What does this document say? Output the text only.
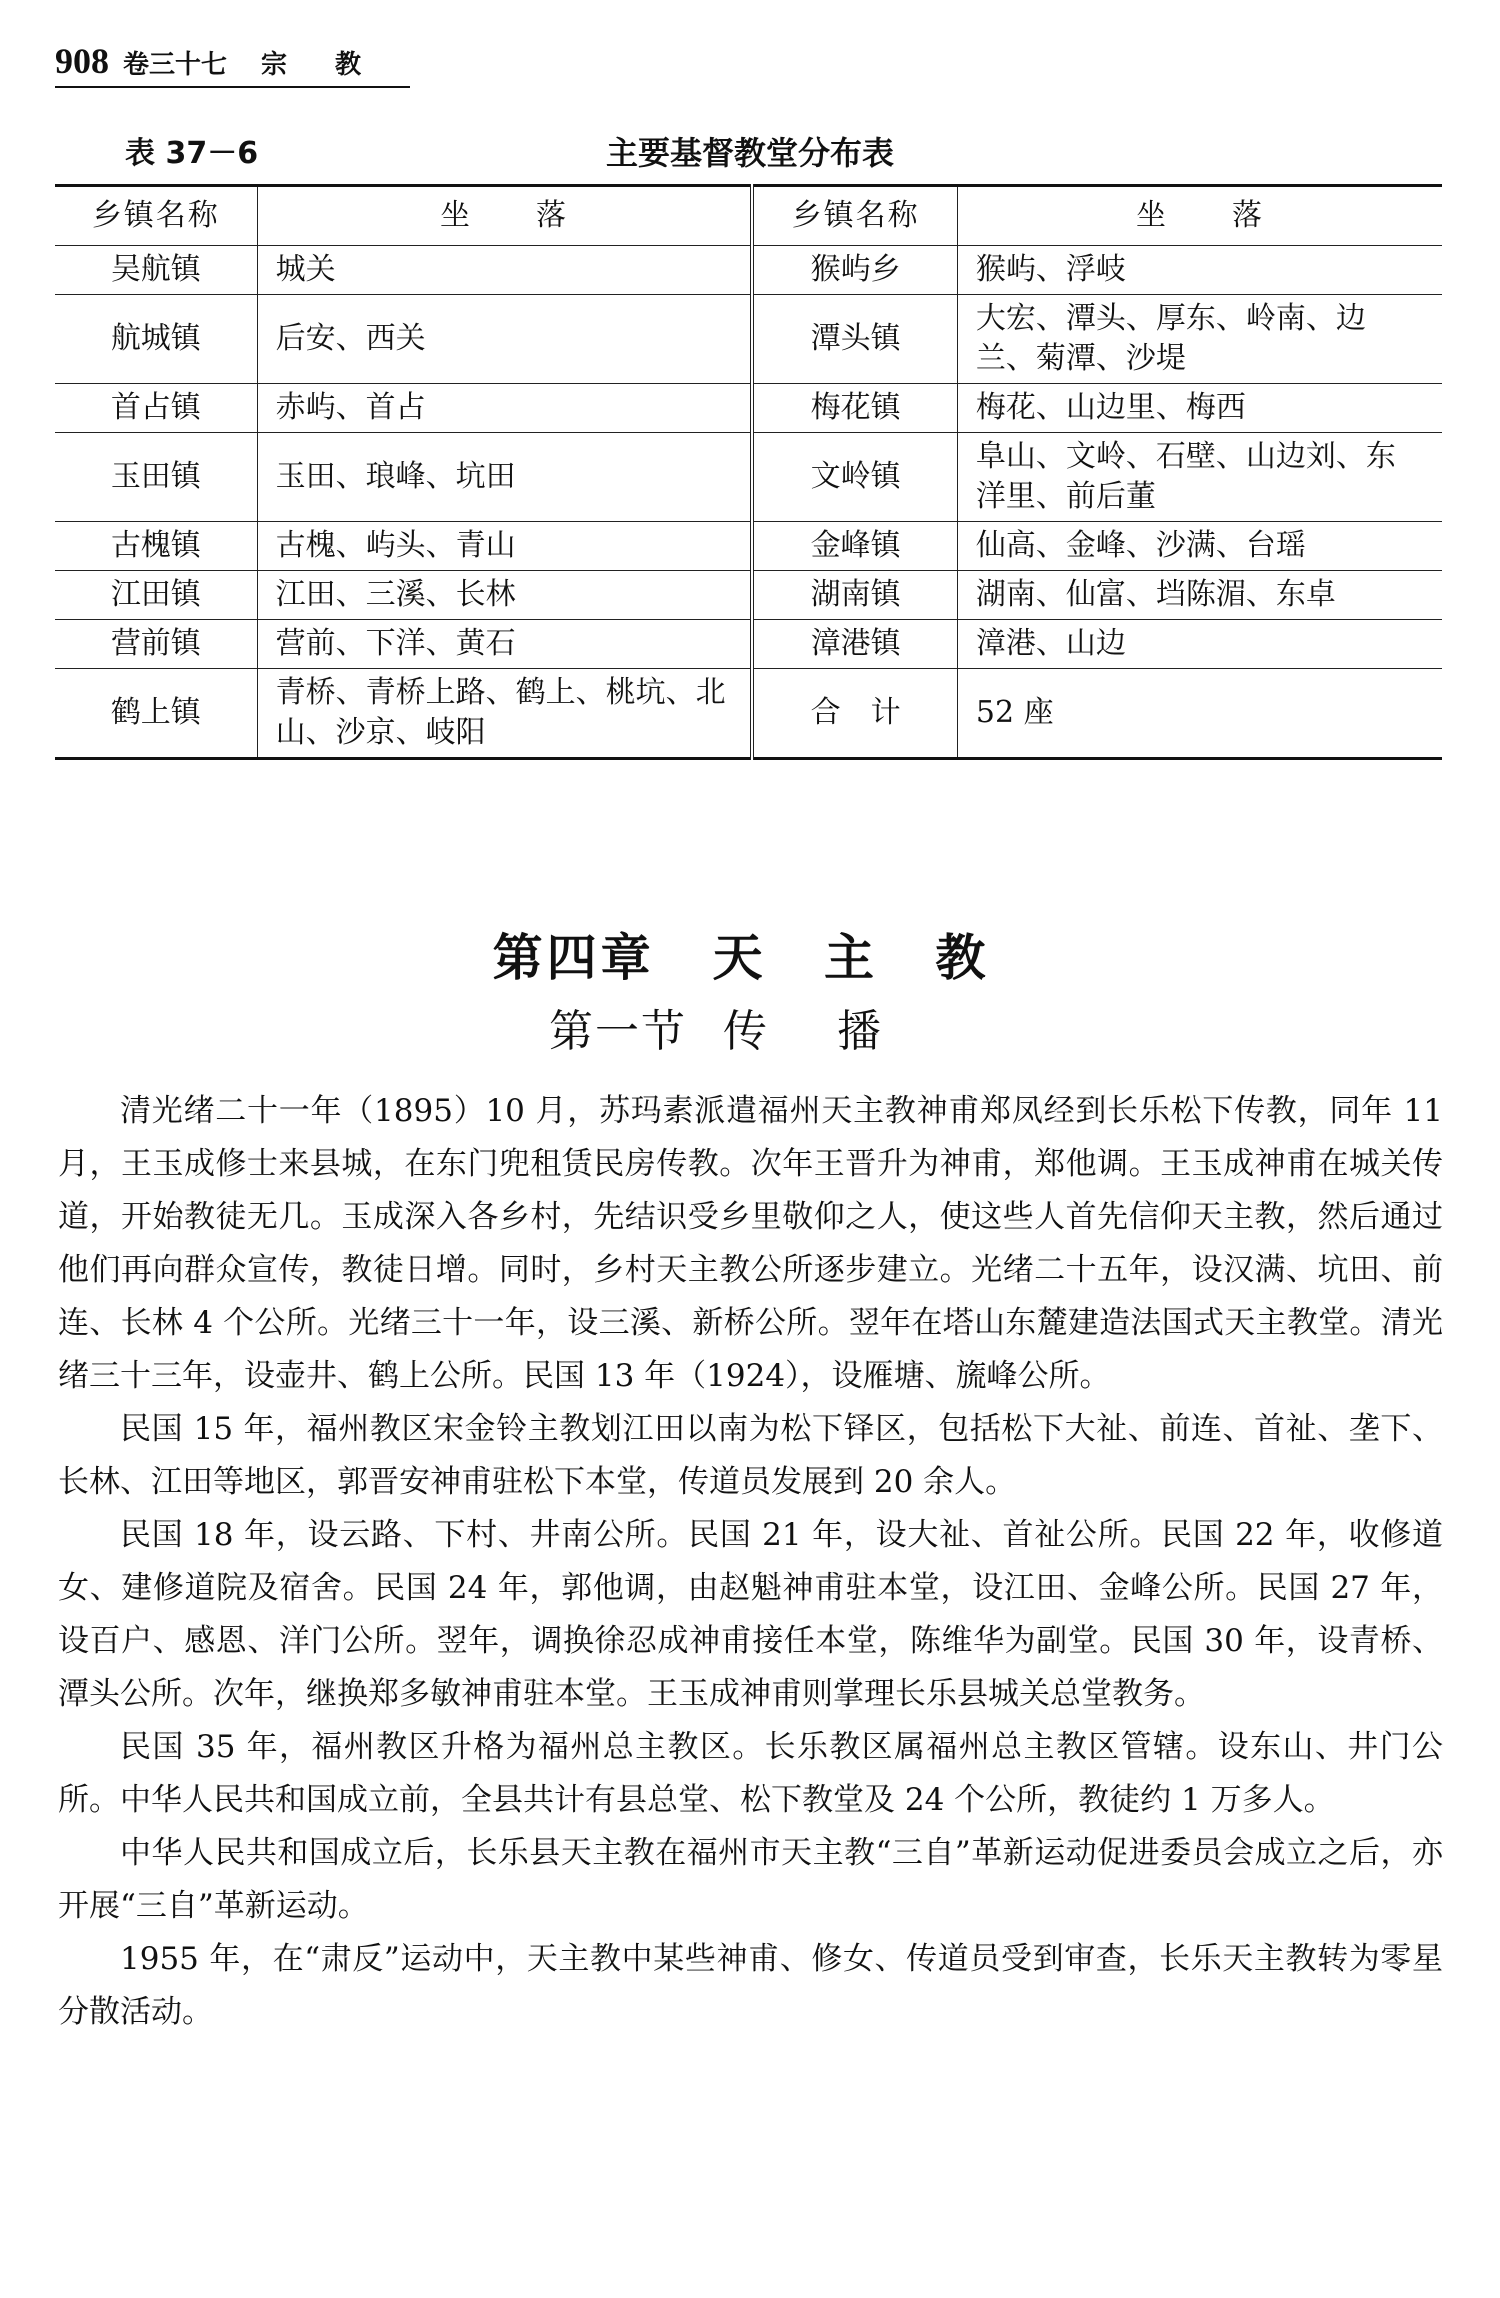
908 卷三十七 宗 教
表 37－6	主要基督教堂分布表
乡镇名称	坐　　落	乡镇名称	坐　　落
吴航镇	城关	猴屿乡	猴屿、浮岐
航城镇	后安、西关	潭头镇	大宏、潭头、厚东、岭南、边兰、菊潭、沙堤
首占镇	赤屿、首占	梅花镇	梅花、山边里、梅西
玉田镇	玉田、琅峰、坑田	文岭镇	阜山、文岭、石壁、山边刘、东洋里、前后董
古槐镇	古槐、屿头、青山	金峰镇	仙高、金峰、沙满、台瑶
江田镇	江田、三溪、长林	湖南镇	湖南、仙富、垱陈湄、东卓
营前镇	营前、下洋、黄石	漳港镇	漳港、山边
鹤上镇	青桥、青桥上路、鹤上、桃坑、北山、沙京、岐阳	合　计	52 座
第四章 天 主 教
第一节 传播

清光绪二十一年（1895）10 月，苏玛素派遣福州天主教神甫郑凤经到长乐松下传教，同年 11 月，王玉成修士来县城，在东门兜租赁民房传教。次年王晋升为神甫，郑他调。王玉成神甫在城关传道，开始教徒无几。玉成深入各乡村，先结识受乡里敬仰之人，使这些人首先信仰天主教，然后通过他们再向群众宣传，教徒日增。同时，乡村天主教公所逐步建立。光绪二十五年，设汉满、坑田、前连、长林 4 个公所。光绪三十一年，设三溪、新桥公所。翌年在塔山东麓建造法国式天主教堂。清光绪三十三年，设壶井、鹤上公所。民国 13 年（1924），设雁塘、旒峰公所。

民国 15 年，福州教区宋金铃主教划江田以南为松下铎区，包括松下大祉、前连、首祉、垄下、长林、江田等地区，郭晋安神甫驻松下本堂，传道员发展到 20 余人。

民国 18 年，设云路、下村、井南公所。民国 21 年，设大祉、首祉公所。民国 22 年，收修道女、建修道院及宿舍。民国 24 年，郭他调，由赵魁神甫驻本堂，设江田、金峰公所。民国 27 年，设百户、感恩、洋门公所。翌年，调换徐忍成神甫接任本堂，陈维华为副堂。民国 30 年，设青桥、潭头公所。次年，继换郑多敏神甫驻本堂。王玉成神甫则掌理长乐县城关总堂教务。

民国 35 年，福州教区升格为福州总主教区。长乐教区属福州总主教区管辖。设东山、井门公所。中华人民共和国成立前，全县共计有县总堂、松下教堂及 24 个公所，教徒约 1 万多人。

中华人民共和国成立后，长乐县天主教在福州市天主教“三自”革新运动促进委员会成立之后，亦开展“三自”革新运动。

1955 年，在“肃反”运动中，天主教中某些神甫、修女、传道员受到审查，长乐天主教转为零星分散活动。
